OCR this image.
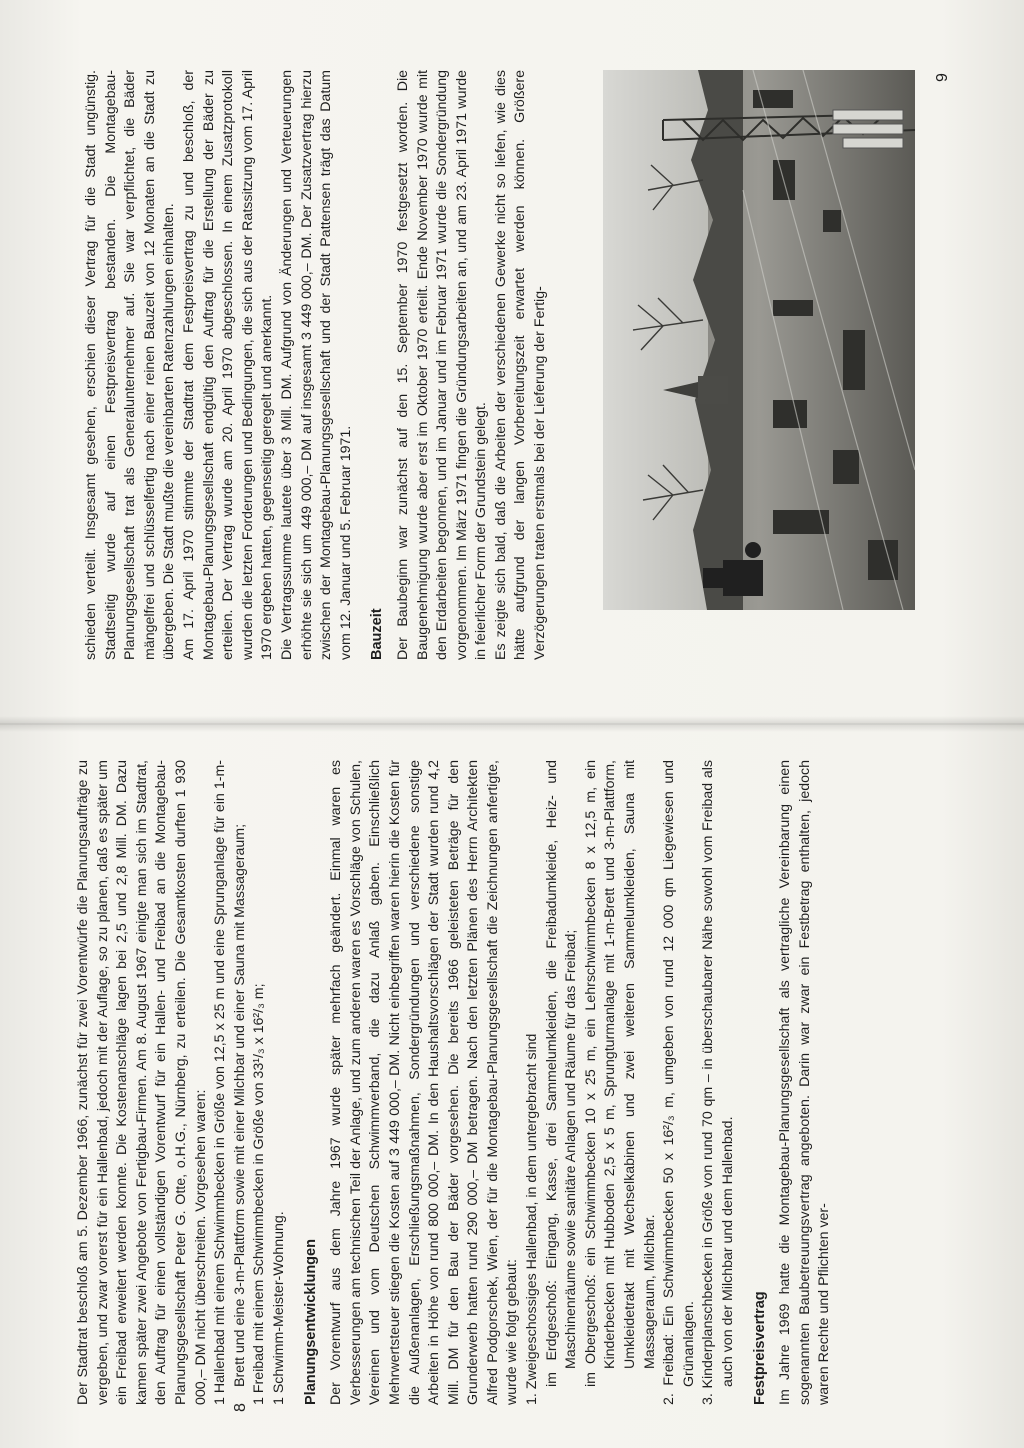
Der Stadtrat beschloß am 5. Dezember 1966, zunächst für zwei Vorentwürfe die Planungsaufträge zu vergeben, und zwar vorerst für ein Hallenbad, jedoch mit der Auflage, so zu planen, daß es später um ein Freibad erweitert werden konnte. Die Kostenanschläge lagen bei 2,5 und 2,8 Mill. DM. Dazu kamen später zwei Angebote von Fertigbau-Firmen. Am 8. August 1967 einigte man sich im Stadtrat, den Auftrag für einen vollständigen Vorentwurf für ein Hallen- und Freibad an die Montagebau-Planungsgesellschaft Peter G. Otte, o.H.G., Nürnberg, zu erteilen. Die Gesamtkosten durften 1 930 000,– DM nicht überschreiten. Vorgesehen waren: 1 Hallenbad mit einem Schwimmbecken in Größe von 12,5 x 25 m und eine Sprunganlage für ein 1-m-Brett und eine 3-m-Plattform sowie mit einer Milchbar und einer Sauna mit Massageraum; 1 Freibad mit einem Schwimmbecken in Größe von 33¹/₃ x 16²/₃ m; 1 Schwimm-Meister-Wohnung. Planungsentwicklungen Der Vorentwurf aus dem Jahre 1967 wurde später mehrfach geändert. Einmal waren es Verbesserungen am technischen Teil der Anlage, und zum anderen waren es Vorschläge von Schulen, Vereinen und vom Deutschen Schwimmverband, die dazu Anlaß gaben. Einschließlich Mehrwertsteuer stiegen die Kosten auf 3 449 000,– DM. Nicht einbegriffen waren hierin die Kosten für die Außenanlagen, Erschließungsmaßnahmen, Sondergründungen und verschiedene sonstige Arbeiten in Höhe von rund 800 000,– DM. In den Haushaltsvorschlägen der Stadt wurden rund 4,2 Mill. DM für den Bau der Bäder vorgesehen. Die bereits 1966 geleisteten Beträge für den Grunderwerb hatten rund 290 000,– DM betragen. Nach den letzten Plänen des Herrn Architekten Alfred Podgorschek, Wien, der für die Montagebau-Planungsgesellschaft die Zeichnungen anfertigte, wurde wie folgt gebaut: 1. Zweigeschossiges Hallenbad, in dem untergebracht sind im Erdgeschoß: Eingang, Kasse, drei Sammelumkleiden, die Freibadumkleide, Heiz- und Maschinenräume sowie sanitäre Anlagen und Räume für das Freibad; im Obergeschoß: ein Schwimmbecken 10 x 25 m, ein Lehrschwimmbecken 8 x 12,5 m, ein Kinderbecken mit Hubboden 2,5 x 5 m, Sprungturmanlage mit 1-m-Brett und 3-m-Plattform, Umkleidetrakt mit Wechselkabinen und zwei weiteren Sammelumkleiden, Sauna mit Massageraum, Milchbar. 2. Freibad: Ein Schwimmbecken 50 x 16²/₃ m, umgeben von rund 12 000 qm Liegewiesen und Grünanlagen. 3. Kinderplanschbecken in Größe von rund 70 qm – in überschaubarer Nähe sowohl vom Freibad als auch von der Milchbar und dem Hallenbad. Festpreisvertrag Im Jahre 1969 hatte die Montagebau-Planungsgesellschaft als vertragliche Vereinbarung einen sogenannten Baubetreuungsvertrag angeboten. Darin war zwar ein Festbetrag enthalten, jedoch waren Rechte und Pflichten ver-

8

schieden verteilt. Insgesamt gesehen, erschien dieser Vertrag für die Stadt ungünstig. Stadtseitig wurde auf einen Festpreisvertrag bestanden. Die Montagebau-Planungsgesellschaft trat als Generalunternehmer auf. Sie war verpflichtet, die Bäder mängelfrei und schlüsselfertig nach einer reinen Bauzeit von 12 Monaten an die Stadt zu übergeben. Die Stadt mußte die vereinbarten Ratenzahlungen einhalten. Am 17. April 1970 stimmte der Stadtrat dem Festpreisvertrag zu und beschloß, der Montagebau-Planungsgesellschaft endgültig den Auftrag für die Erstellung der Bäder zu erteilen. Der Vertrag wurde am 20. April 1970 abgeschlossen. In einem Zusatzprotokoll wurden die letzten Forderungen und Bedingungen, die sich aus der Ratssitzung vom 17. April 1970 ergeben hatten, gegenseitig geregelt und anerkannt. Die Vertragssumme lautete über 3 Mill. DM. Aufgrund von Änderungen und Verteuerungen erhöhte sie sich um 449 000,– DM auf insgesamt 3 449 000,– DM. Der Zusatzvertrag hierzu zwischen der Montagebau-Planungsgesellschaft und der Stadt Pattensen trägt das Datum vom 12. Januar und 5. Februar 1971. Bauzeit Der Baubeginn war zunächst auf den 15. September 1970 festgesetzt worden. Die Baugenehmigung wurde aber erst im Oktober 1970 erteilt. Ende November 1970 wurde mit den Erdarbeiten begonnen, und im Januar und im Februar 1971 wurde die Sondergründung vorgenommen. Im März 1971 fingen die Gründungsarbeiten an, und am 23. April 1971 wurde in feierlicher Form der Grundstein gelegt. Es zeigte sich bald, daß die Arbeiten der verschiedenen Gewerke nicht so liefen, wie dies hätte aufgrund der langen Vorbereitungszeit erwartet werden können. Größere Verzögerungen traten erstmals bei der Lieferung der Fertig-

9
